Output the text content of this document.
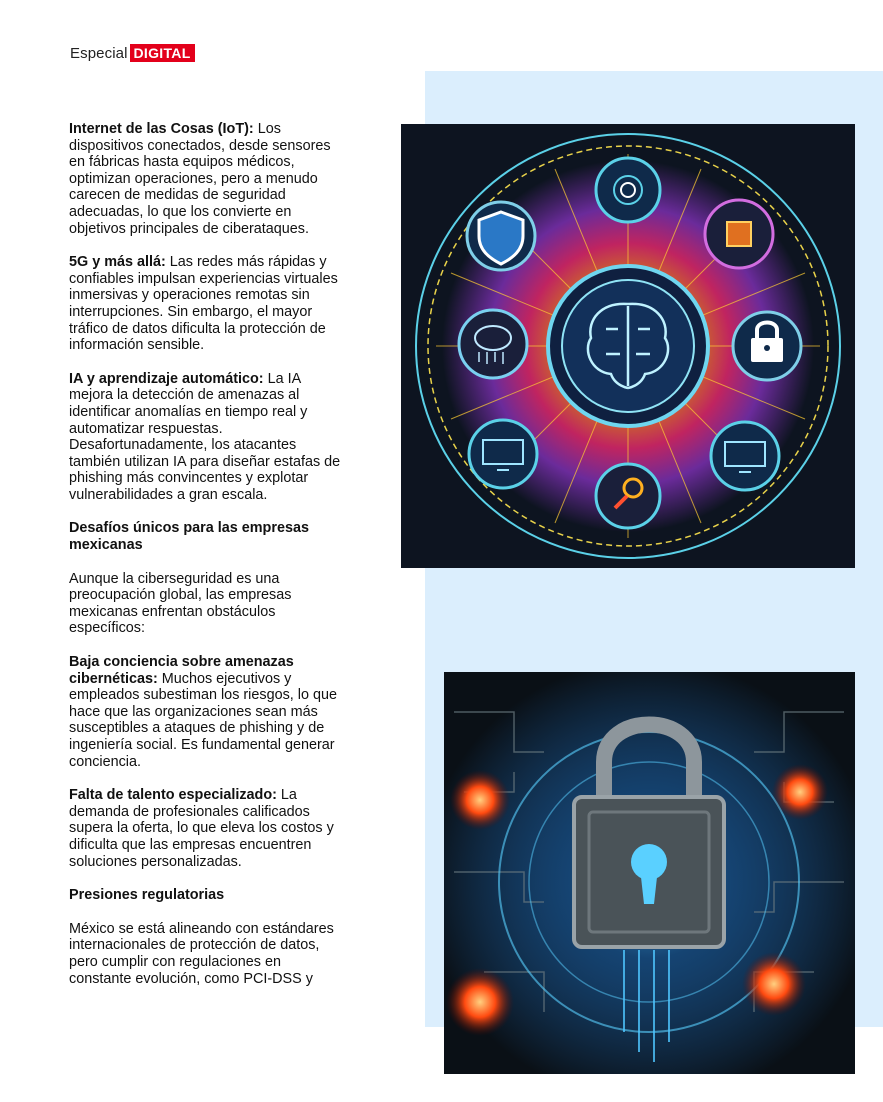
Especial DIGITAL

Internet de las Cosas (IoT): Los dispositivos conectados, desde sensores en fábricas hasta equipos médicos, optimizan operaciones, pero a menudo carecen de medidas de seguridad adecuadas, lo que los convierte en objetivos principales de ciberataques.

5G y más allá: Las redes más rápidas y confiables impulsan experiencias virtuales inmersivas y operaciones remotas sin interrupciones. Sin embargo, el mayor tráfico de datos dificulta la protección de información sensible.

IA y aprendizaje automático: La IA mejora la detección de amenazas al identificar anomalías en tiempo real y automatizar respuestas. Desafortunadamente, los atacantes también utilizan IA para diseñar estafas de phishing más convincentes y explotar vulnerabilidades a gran escala.

Desafíos únicos para las empresas mexicanas

Aunque la ciberseguridad es una preocupación global, las empresas mexicanas enfrentan obstáculos específicos:

Baja conciencia sobre amenazas cibernéticas: Muchos ejecutivos y empleados subestiman los riesgos, lo que hace que las organizaciones sean más susceptibles a ataques de phishing y de ingeniería social. Es fundamental generar conciencia.

Falta de talento especializado: La demanda de profesionales calificados supera la oferta, lo que eleva los costos y dificulta que las empresas encuentren soluciones personalizadas.

Presiones regulatorias

México se está alineando con estándares internacionales de protección de datos, pero cumplir con regulaciones en constante evolución, como PCI-DSS y
